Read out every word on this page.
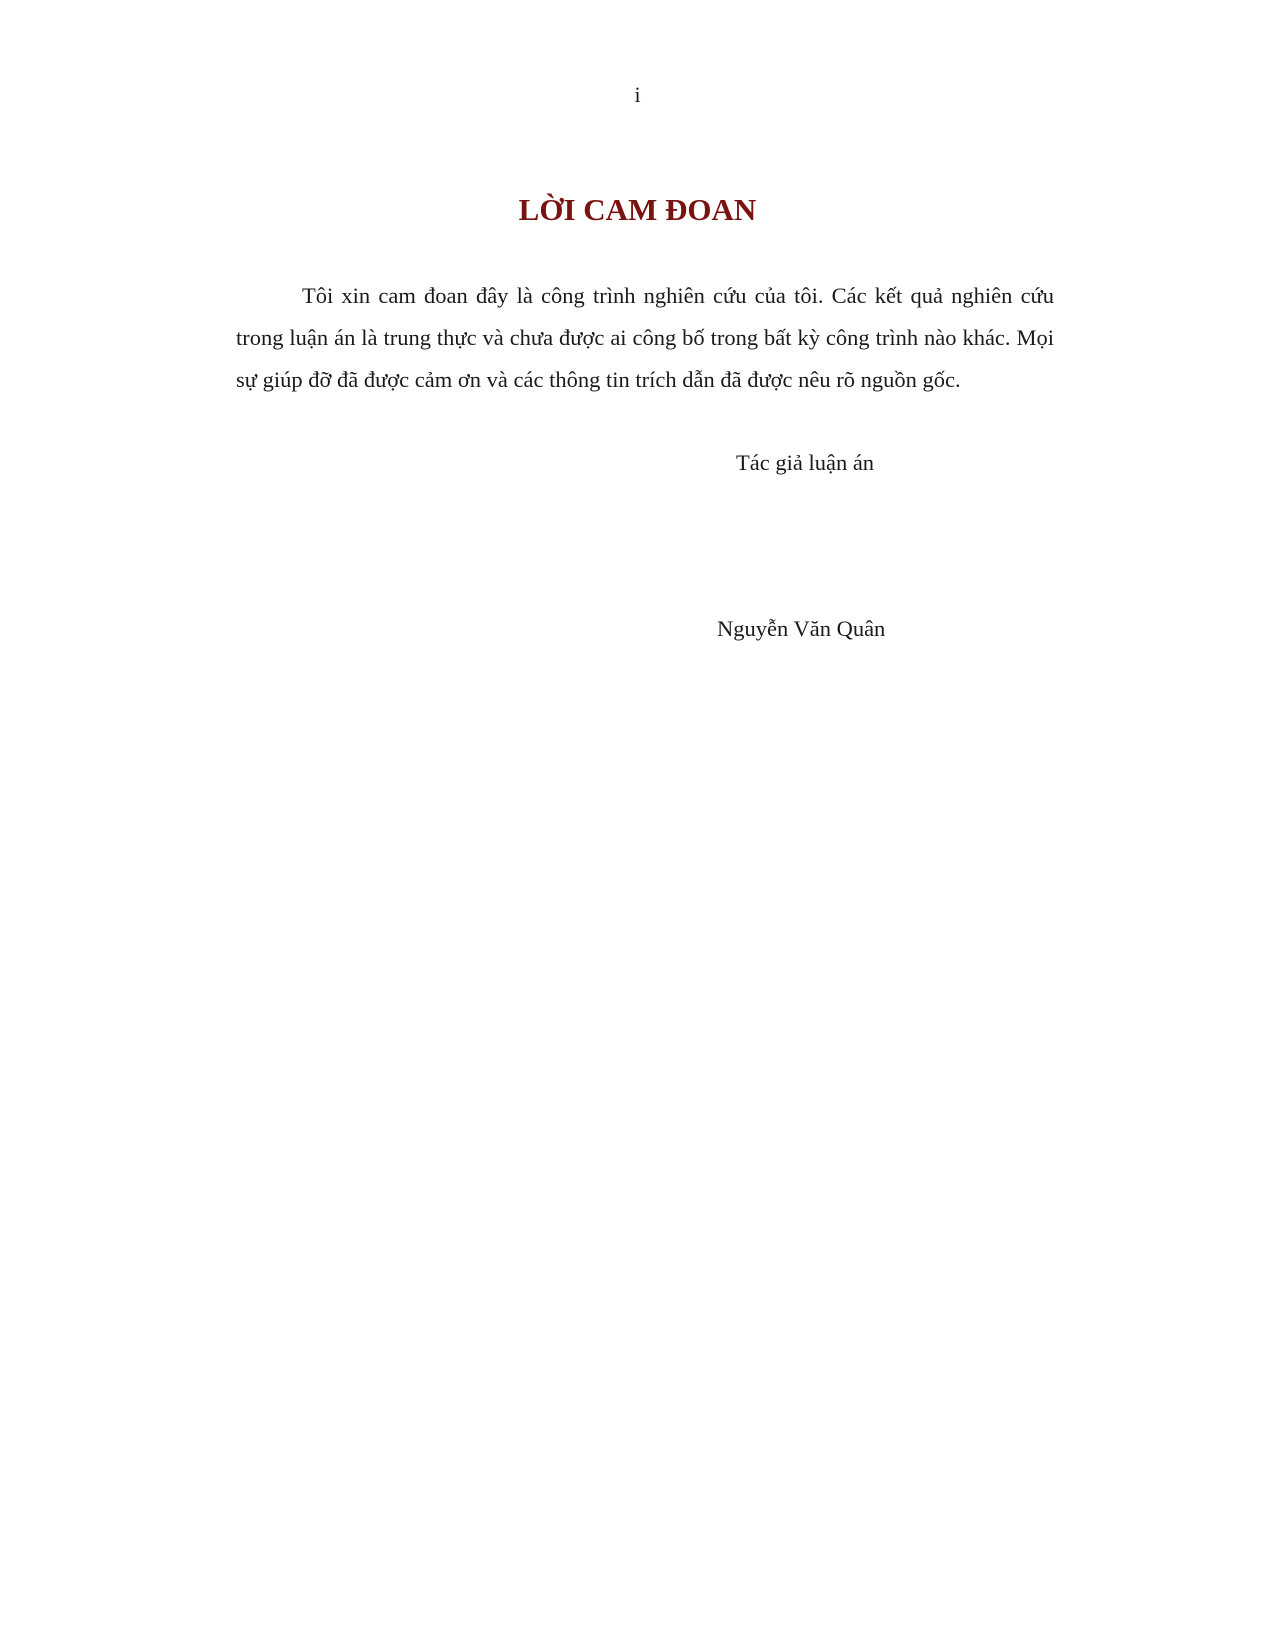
i
LỜI CAM ĐOAN

Tôi xin cam đoan đây là công trình nghiên cứu của tôi. Các kết quả nghiên cứu trong luận án là trung thực và chưa được ai công bố trong bất kỳ công trình nào khác. Mọi sự giúp đỡ đã được cảm ơn và các thông tin trích dẫn đã được nêu rõ nguồn gốc.

Tác giả luận án
Nguyễn Văn Quân
